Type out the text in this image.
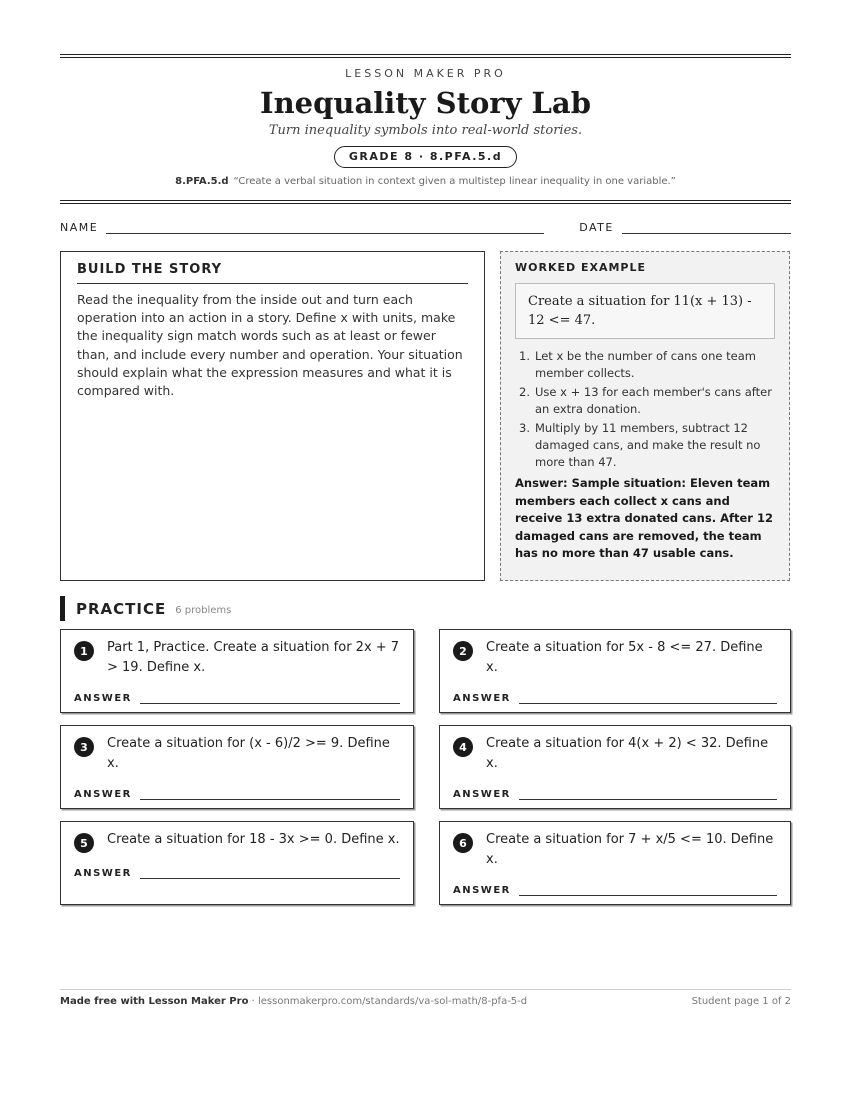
LESSON MAKER PRO
Inequality Story Lab
Turn inequality symbols into real-world stories.
GRADE 8 · 8.PFA.5.d
8.PFA.5.d “Create a verbal situation in context given a multistep linear inequality in one variable.”
NAME	DATE
BUILD THE STORY

Read the inequality from the inside out and turn each operation into an action in a story. Define x with units, make the inequality sign match words such as at least or fewer than, and include every number and operation. Your situation should explain what the expression measures and what it is compared with.

WORKED EXAMPLE
Create a situation for 11(x + 13) - 12 <= 47.
1. Let x be the number of cans one team member collects.
2. Use x + 13 for each member's cans after an extra donation.
3. Multiply by 11 members, subtract 12 damaged cans, and make the result no more than 47.
Answer: Sample situation: Eleven team members each collect x cans and receive 13 extra donated cans. After 12 damaged cans are removed, the team has no more than 47 usable cans.
PRACTICE 6 problems
1	Part 1, Practice. Create a situation for 2x + 7 > 19. Define x.
ANSWER
2	Create a situation for 5x - 8 <= 27. Define x.
ANSWER
3	Create a situation for (x - 6)/2 >= 9. Define x.
ANSWER
4	Create a situation for 4(x + 2) < 32. Define x.
ANSWER
5	Create a situation for 18 - 3x >= 0. Define x.
ANSWER
6	Create a situation for 7 + x/5 <= 10. Define x.
ANSWER
Made free with Lesson Maker Pro · lessonmakerpro.com/standards/va-sol-math/8-pfa-5-d	Student page 1 of 2
